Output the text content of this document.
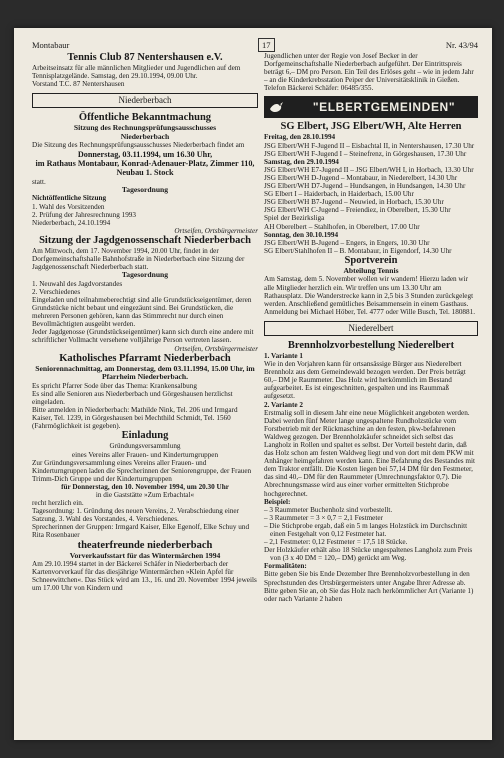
Montabaur	17	Nr. 43/94

Tennis Club 87 Nentershausen e.V.

Arbeitseinsatz für alle männlichen Mitglieder und Jugendlichen auf dem Tennisplatzgelände. Samstag, den 29.10.1994, 09.00 Uhr.

Vorstand T.C. 87 Nentershausen

Niederberbach

Öffentliche Bekanntmachung

Sitzung des Rechnungsprüfungsausschusses

Niederberbach

Die Sitzung des Rechnungsprüfungsausschusses Niederberbach findet am

Donnerstag, 03.11.1994, um 16.30 Uhr,

im Rathaus Montabaur, Konrad-Adenauer-Platz, Zimmer 110, Neubau 1. Stock

statt.

Tagesordnung

Nichtöffentliche Sitzung

1. Wahl des Vorsitzenden

2. Prüfung der Jahresrechnung 1993

Niederberbach, 24.10.1994

Ortseifen, Ortsbürgermeister

Sitzung der Jagdgenossenschaft Niederberbach

Am Mittwoch, dem 17. November 1994, 20.00 Uhr, findet in der Dorfgemeinschaftshalle Bahnhofstraße in Niederberbach eine Sitzung der Jagdgenossenschaft Niederberbach statt.

Tagesordnung

1. Neuwahl des Jagdvorstandes

2. Verschiedenes

Eingeladen und teilnahmeberechtigt sind alle Grundstückseigentümer, deren Grundstücke nicht bebaut und eingezäunt sind. Bei Grundstücken, die mehreren Personen gehören, kann das Stimmrecht nur durch einen Bevollmächtigten ausgeübt werden.

Jeder Jagdgenosse (Grundstückseigentümer) kann sich durch eine andere mit schriftlicher Vollmacht versehene volljährige Person vertreten lassen.

Ortseifen, Ortsbürgermeister

Katholisches Pfarramt Niederberbach

Seniorennachmittag, am Donnerstag, dem 03.11.1994, 15.00 Uhr, im Pfarrheim Niederberbach.

Es spricht Pfarrer Sode über das Thema: Krankensalbung

Es sind alle Senioren aus Niederberbach und Görgeshausen herzlichst eingeladen.

Bitte anmelden in Niederberbach: Mathilde Nink, Tel. 206 und Irmgard Kaiser, Tel. 1239, in Görgeshausen bei Mechthild Schmidt, Tel. 1560 (Fahrmöglichkeit ist gegeben).

Einladung

Gründungsversammlung

eines Vereins aller Frauen- und Kinderturngruppen

Zur Gründungsversammlung eines Vereins aller Frauen- und Kinderturngruppen laden die Sprecherinnen der Seniorengruppe, der Frauen Trimm-Dich Gruppe und der Kinderturngruppen

für Donnerstag, den 10. November 1994, um 20.30 Uhr

in die Gaststätte »Zum Erbachtal«

recht herzlich ein.

Tagesordnung: 1. Gründung des neuen Vereins, 2. Verabschiedung einer Satzung, 3. Wahl des Vorstandes, 4. Verschiedenes.

Sprecherinnen der Gruppen: Irmgard Kaiser, Elke Egenolf, Elke Schuy und Rita Rosenbauer

theaterfreunde niederberbach

Vorverkaufsstart für das Wintermärchen 1994

Am 29.10.1994 startet in der Bäckerei Schäfer in Niederberbach der Kartenvorverkauf für das diesjährige Wintermärchen »Klein Apfel für Schneewittchen«. Das Stück wird am 13., 16. und 20. November 1994 jeweils um 17.00 Uhr von Kindern und

Jugendlichen unter der Regie von Josef Becker in der Dorfgemeinschaftshalle Niederberbach aufgeführt. Der Eintrittspreis beträgt 6,– DM pro Person. Ein Teil des Erlöses geht – wie in jedem Jahr – an die Kinderkrebsstation Peiper der Universitätsklinik in Gießen. Telefon Bäckerei Schäfer: 06485/355.

"ELBERTGEMEINDEN"

SG Elbert, JSG Elbert/WH, Alte Herren

Freitag, den 28.10.1994

JSG Elbert/WH F-Jugend II – Eisbachtal II, in Nentershausen, 17.30 Uhr

JSG Elbert/WH F-Jugend I – Steinefrenz, in Görgeshausen, 17.30 Uhr

Samstag, den 29.10.1994

JSG Elbert/WH E7-Jugend II – JSG Elbert/WH I, in Horbach, 13.30 Uhr

JSG Elbert/WH D-Jugend – Montabaur, in Niederelbert, 14.30 Uhr

JSG Elbert/WH D7-Jugend – Hundsangen, in Hundsangen, 14.30 Uhr

SG Elbert I – Haiderbach, in Haiderbach, 15.00 Uhr

JSG Elbert/WH B7-Jugend – Neuwied, in Horbach, 15.30 Uhr

JSG Elbert/WH C-Jugend – Freiendiez, in Oberelbert, 15.30 Uhr

Spiel der Bezirksliga

AH Oberelbert – Stahlhofen, in Oberelbert, 17.00 Uhr

Sonntag, den 30.10.1994

JSG Elbert/WH B-Jugend – Engers, in Engers, 10.30 Uhr

SG Elbert/Stahlhofen II – B. Montabaur, in Eigendorf, 14.30 Uhr

Sportverein

Abteilung Tennis

Am Samstag, dem 5. November wollen wir wandern! Hierzu laden wir alle Mitglieder herzlich ein. Wir treffen uns um 13.30 Uhr am Rathausplatz. Die Wanderstrecke kann in 2,5 bis 3 Stunden zurückgelegt werden. Anschließend gemütliches Beisammensein in einem Gasthaus.

Anmeldung bei Michael Höber, Tel. 4777 oder Wille Busch, Tel. 180881.

Niederelbert

Brennholzvorbestellung Niederelbert

1. Variante 1

Wie in den Vorjahren kann für ortsansässige Bürger aus Niederelbert Brennholz aus dem Gemeindewald bezogen werden. Der Preis beträgt 60,– DM je Raummeter. Das Holz wird herkömmlich im Bestand aufgearbeitet. Es ist eingeschnitten, gespalten und ins Raummaß aufgesetzt.

2. Variante 2

Erstmalig soll in diesem Jahr eine neue Möglichkeit angeboten werden. Dabei werden fünf Meter lange ungespaltene Rundholzstücke vom Forstbetrieb mit der Rückmaschine an den festen, pkw-befahrenen Waldweg gezogen. Der Brennholzkäufer schneidet sich selbst das Langholz in Rollen und spaltet es selbst. Der Vorteil besteht darin, daß das Holz schon am festen Waldweg liegt und von dort mit dem PKW mit Anhänger heimgefahren werden kann. Eine Befahrung des Bestandes mit dem Traktor entfällt. Die Kosten liegen bei 57,14 DM für den Festmeter, das sind 40,– DM für den Raummeter (Umrechnungsfaktor 0,7). Die Abrechnungsmasse wird aus einer vorher ermittelten Stichprobe hochgerechnet.

Beispiel:

– 3 Raummeter Buchenholz sind vorbestellt.

– 3 Raummeter = 3 × 0,7 = 2,1 Festmeter

– Die Stichprobe ergab, daß ein 5 m langes Holzstück im Durchschnitt einen Festgehalt von 0,12 Festmeter hat.

– 2,1 Festmeter: 0,12 Festmeter = 17,5 18 Stücke.

Der Holzkäufer erhält also 18 Stücke ungespaltenes Langholz zum Preis von (3 x 40 DM = 120,– DM) gerückt am Weg.

Formalitäten:

Bitte geben Sie bis Ende Dezember Ihre Brennholzvorbestellung in den Sprechstunden des Ortsbürgermeisters unter Angabe Ihrer Adresse ab. Bitte geben Sie an, ob Sie das Holz nach herkömmlicher Art (Variante 1) oder nach Variante 2 haben
